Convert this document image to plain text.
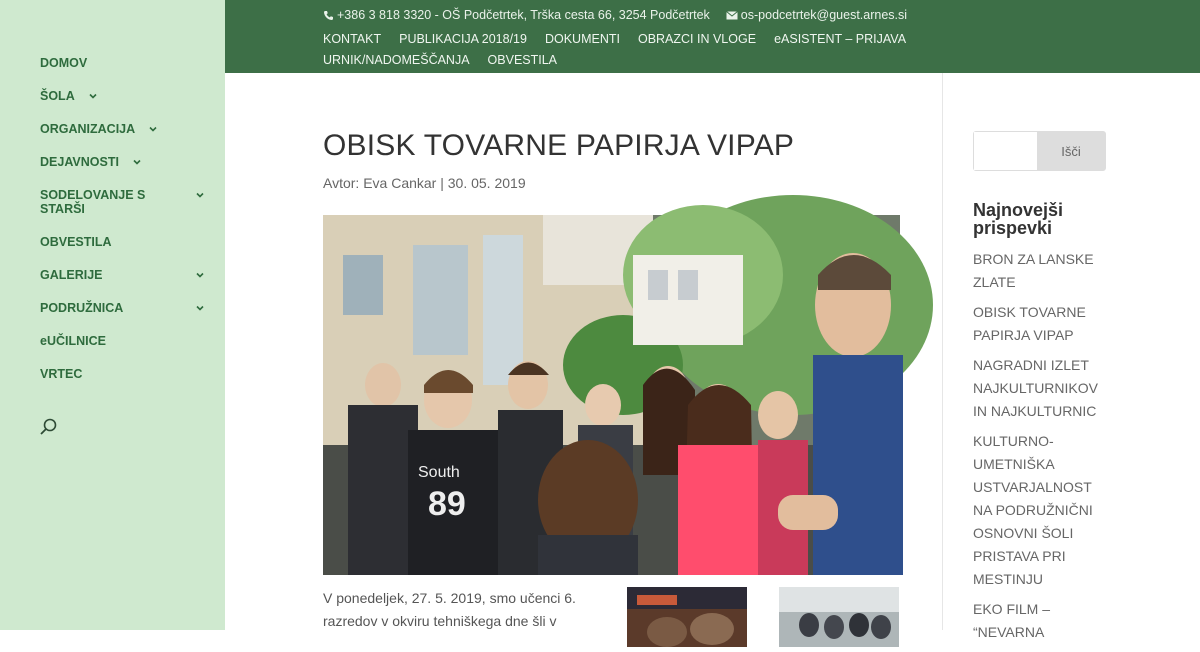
DOMOV
ŠOLA
ORGANIZACIJA
DEJAVNOSTI
SODELOVANJE S STARŠI
OBVESTILA
GALERIJE
PODRUŽNICA
eUČILNICE
VRTEC
+386 3 818 3320 - OŠ Podčetrtek, Trška cesta 66, 3254 Podčetrtek os-podcetrtek@guest.arnes.si
KONTAKT PUBLIKACIJA 2018/19 DOKUMENTI OBRAZCI IN VLOGE eASISTENT – PRIJAVAURNIK/NADOMEŠČANJA OBVESTILA
OBISK TOVARNE PAPIRJA VIPAP
Avtor: Eva Cankar | 30. 05. 2019
South
89

V ponedeljek, 27. 5. 2019, smo učenci 6. razredov v okviru tehniškega dne šli v

Išči
Najnovejši prispevki
BRON ZA LANSKE ZLATE
OBISK TOVARNE PAPIRJA VIPAP
NAGRADNI IZLET NAJKULTURNIKOV IN NAJKULTURNIC
KULTURNO-UMETNIŠKA USTVARJALNOST NA PODRUŽNIČNI OSNOVNI ŠOLI PRISTAVA PRI MESTINJU
EKO FILM – “NEVARNA
